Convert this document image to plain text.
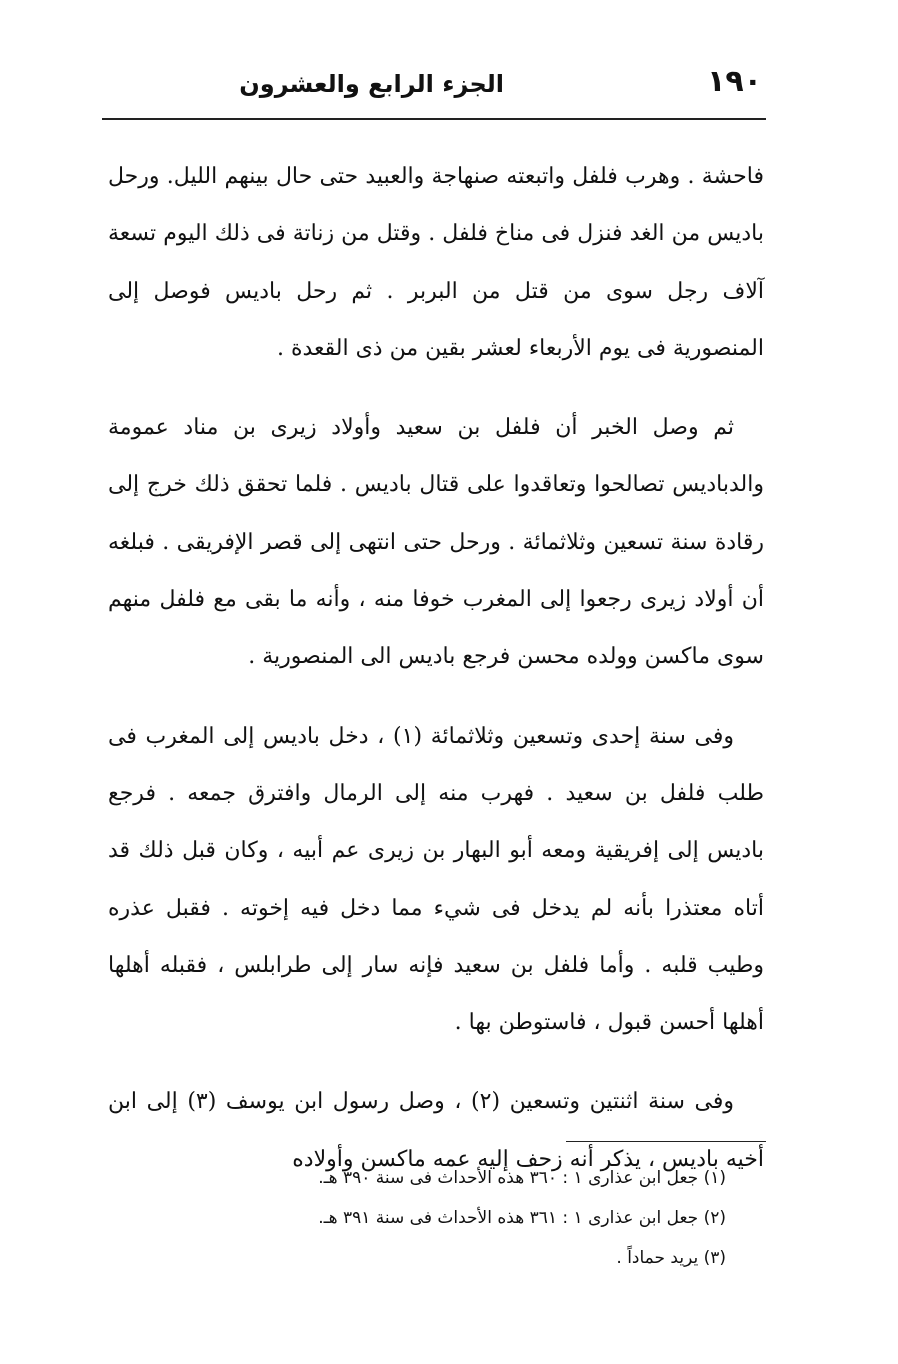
١٩٠
الجزء الرابع والعشرون

فاحشة . وهرب فلفل واتبعته صنهاجة والعبيد حتى حال بينهم الليل. ورحل باديس من الغد فنزل فى مناخ فلفل . وقتل من زناتة فى ذلك اليوم تسعة آلاف رجل سوى من قتل من البربر . ثم رحل باديس فوصل إلى المنصورية فى يوم الأربعاء لعشر بقين من ذى القعدة .

ثم وصل الخبر أن فلفل بن سعيد وأولاد زيرى بن مناد عمومة والدباديس تصالحوا وتعاقدوا على قتال باديس . فلما تحقق ذلك خرج إلى رقادة سنة تسعين وثلاثمائة . ورحل حتى انتهى إلى قصر الإفريقى . فبلغه أن أولاد زيرى رجعوا إلى المغرب خوفا منه ، وأنه ما بقى مع فلفل منهم سوى ماكسن وولده محسن فرجع باديس الى المنصورية .

وفى سنة إحدى وتسعين وثلاثمائة (١) ، دخل باديس إلى المغرب فى طلب فلفل بن سعيد . فهرب منه إلى الرمال وافترق جمعه . فرجع باديس إلى إفريقية ومعه أبو البهار بن زيرى عم أبيه ، وكان قبل ذلك قد أتاه معتذرا بأنه لم يدخل فى شيء مما دخل فيه إخوته . فقبل عذره وطيب قلبه . وأما فلفل بن سعيد فإنه سار إلى طرابلس ، فقبله أهلها أهلها أحسن قبول ، فاستوطن بها .

وفى سنة اثنتين وتسعين (٢) ، وصل رسول ابن يوسف (٣) إلى ابن أخيه باديس ، يذكر أنه زحف إليه عمه ماكسن وأولاده

(١) جعل ابن عذارى ١ : ٣٦٠ هذه الأحداث فى سنة ٣٩٠ هـ.

(٢) جعل ابن عذارى ١ : ٣٦١ هذه الأحداث فى سنة ٣٩١ هـ.

(٣) يريد حماداً .
